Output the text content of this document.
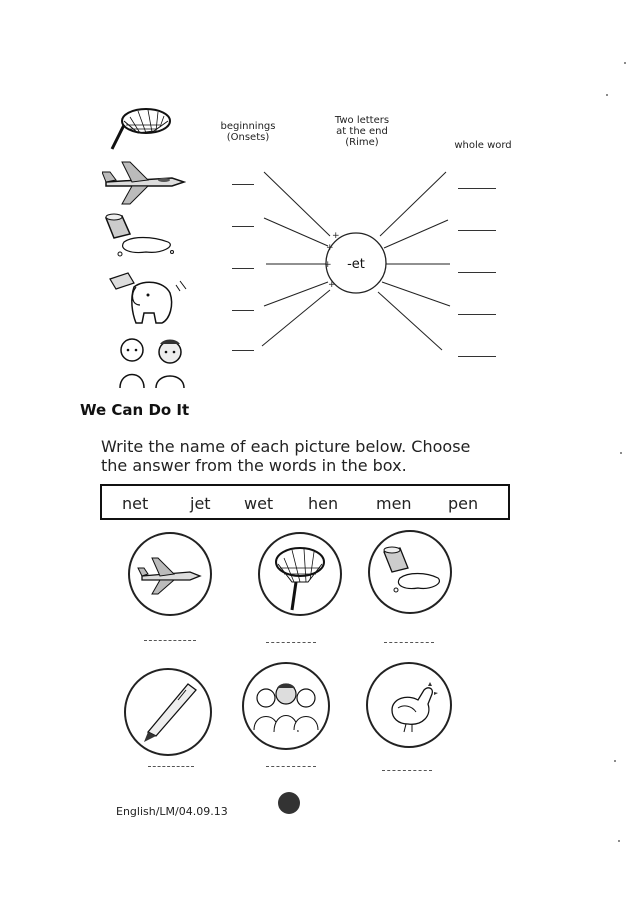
beginnings
(Onsets)
Two letters
at the end
(Rime)	whole word
+
+
+
+
-et
We Can Do It
Write the name of each picture below. Choose
the answer from the words in the box.
net	jet wet hen men pen
English/LM/04.09.13
